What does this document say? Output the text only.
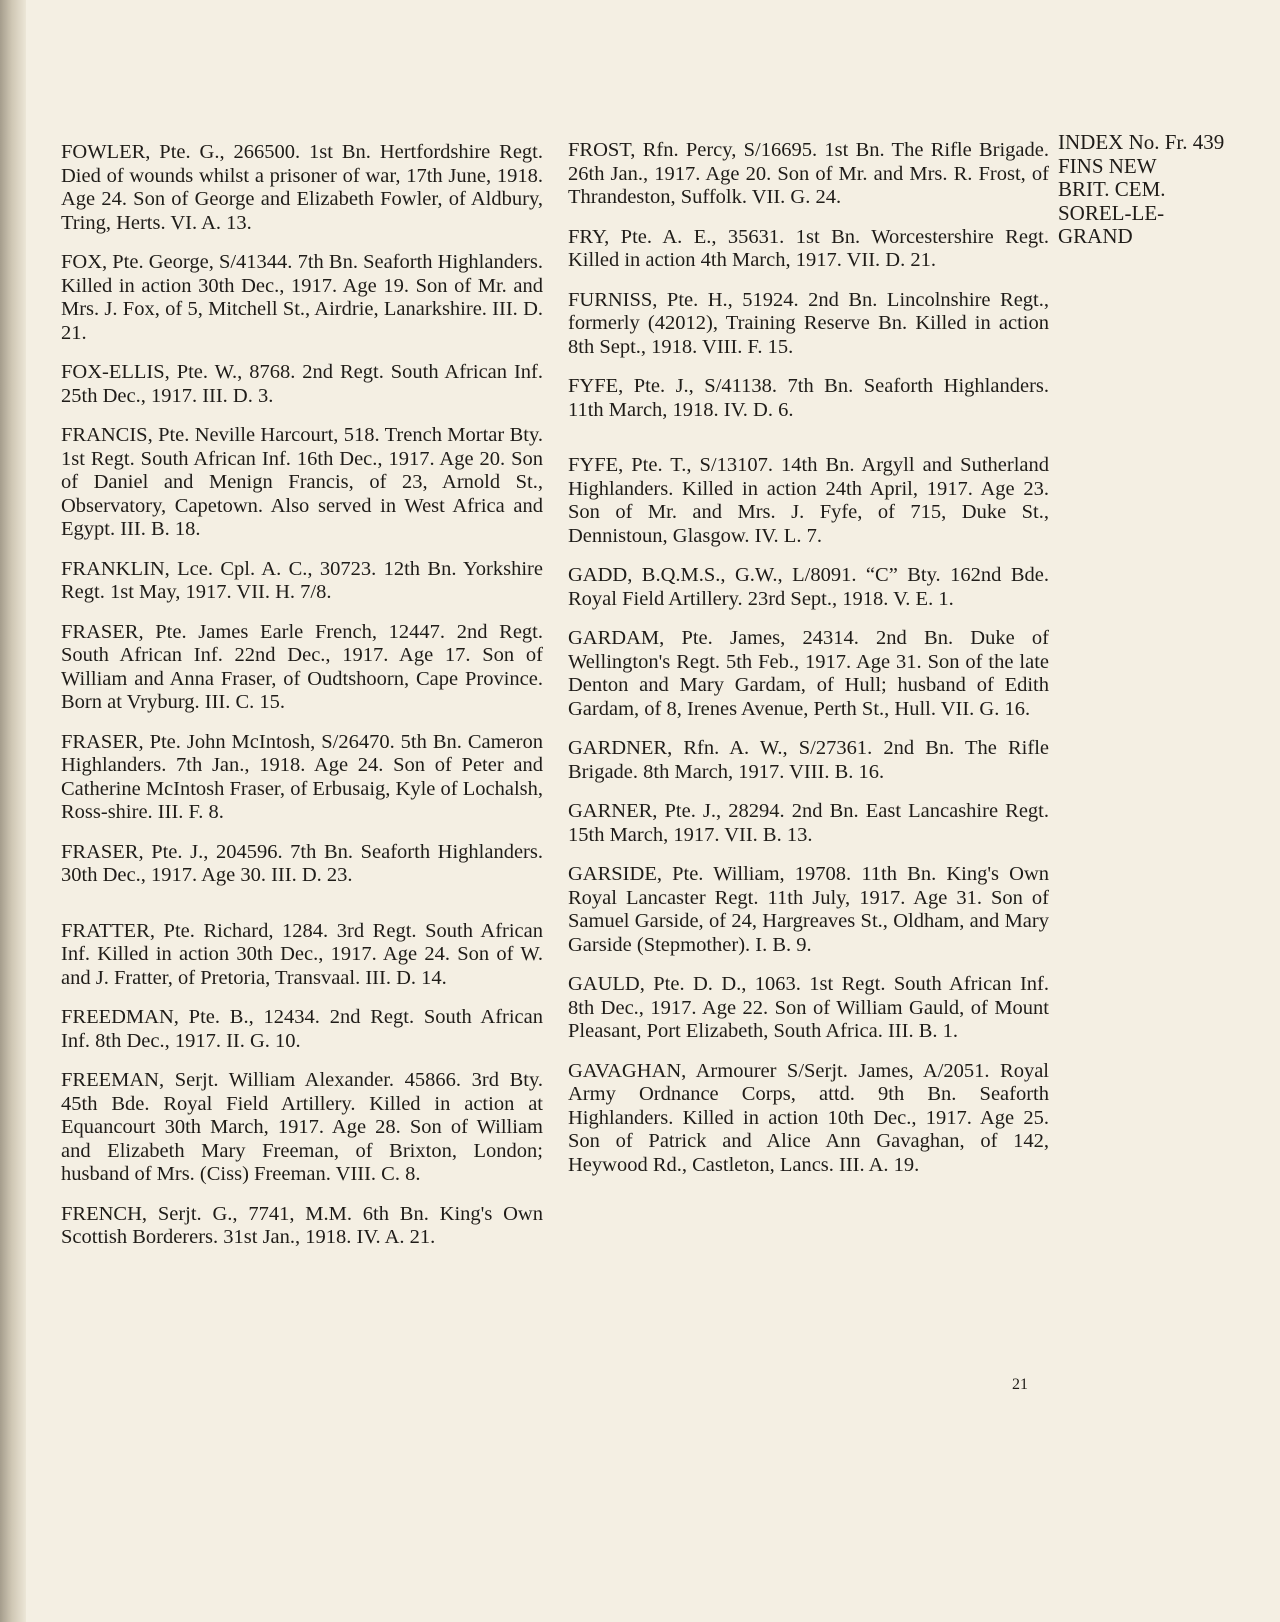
FOWLER, Pte. G., 266500. 1st Bn. Hertfordshire Regt. Died of wounds whilst a prisoner of war, 17th June, 1918. Age 24. Son of George and Elizabeth Fowler, of Aldbury, Tring, Herts. VI. A. 13.

FOX, Pte. George, S/41344. 7th Bn. Seaforth Highlanders. Killed in action 30th Dec., 1917. Age 19. Son of Mr. and Mrs. J. Fox, of 5, Mitchell St., Airdrie, Lanarkshire. III. D. 21.

FOX-ELLIS, Pte. W., 8768. 2nd Regt. South African Inf. 25th Dec., 1917. III. D. 3.

FRANCIS, Pte. Neville Harcourt, 518. Trench Mortar Bty. 1st Regt. South African Inf. 16th Dec., 1917. Age 20. Son of Daniel and Menign Francis, of 23, Arnold St., Observatory, Capetown. Also served in West Africa and Egypt. III. B. 18.

FRANKLIN, Lce. Cpl. A. C., 30723. 12th Bn. Yorkshire Regt. 1st May, 1917. VII. H. 7/8.

FRASER, Pte. James Earle French, 12447. 2nd Regt. South African Inf. 22nd Dec., 1917. Age 17. Son of William and Anna Fraser, of Oudtshoorn, Cape Province. Born at Vryburg. III. C. 15.

FRASER, Pte. John McIntosh, S/26470. 5th Bn. Cameron Highlanders. 7th Jan., 1918. Age 24. Son of Peter and Catherine McIntosh Fraser, of Erbusaig, Kyle of Lochalsh, Ross-shire. III. F. 8.

FRASER, Pte. J., 204596. 7th Bn. Seaforth Highlanders. 30th Dec., 1917. Age 30. III. D. 23.

FRATTER, Pte. Richard, 1284. 3rd Regt. South African Inf. Killed in action 30th Dec., 1917. Age 24. Son of W. and J. Fratter, of Pretoria, Transvaal. III. D. 14.

FREEDMAN, Pte. B., 12434. 2nd Regt. South African Inf. 8th Dec., 1917. II. G. 10.

FREEMAN, Serjt. William Alexander. 45866. 3rd Bty. 45th Bde. Royal Field Artillery. Killed in action at Equancourt 30th March, 1917. Age 28. Son of William and Elizabeth Mary Freeman, of Brixton, London; husband of Mrs. (Ciss) Freeman. VIII. C. 8.

FRENCH, Serjt. G., 7741, M.M. 6th Bn. King's Own Scottish Borderers. 31st Jan., 1918. IV. A. 21.

FROST, Rfn. Percy, S/16695. 1st Bn. The Rifle Brigade. 26th Jan., 1917. Age 20. Son of Mr. and Mrs. R. Frost, of Thrandeston, Suffolk. VII. G. 24.

FRY, Pte. A. E., 35631. 1st Bn. Worcestershire Regt. Killed in action 4th March, 1917. VII. D. 21.

FURNISS, Pte. H., 51924. 2nd Bn. Lincolnshire Regt., formerly (42012), Training Reserve Bn. Killed in action 8th Sept., 1918. VIII. F. 15.

FYFE, Pte. J., S/41138. 7th Bn. Seaforth Highlanders. 11th March, 1918. IV. D. 6.

FYFE, Pte. T., S/13107. 14th Bn. Argyll and Sutherland Highlanders. Killed in action 24th April, 1917. Age 23. Son of Mr. and Mrs. J. Fyfe, of 715, Duke St., Dennistoun, Glasgow. IV. L. 7.

GADD, B.Q.M.S., G.W., L/8091. “C” Bty. 162nd Bde. Royal Field Artillery. 23rd Sept., 1918. V. E. 1.

GARDAM, Pte. James, 24314. 2nd Bn. Duke of Wellington's Regt. 5th Feb., 1917. Age 31. Son of the late Denton and Mary Gardam, of Hull; husband of Edith Gardam, of 8, Irenes Avenue, Perth St., Hull. VII. G. 16.

GARDNER, Rfn. A. W., S/27361. 2nd Bn. The Rifle Brigade. 8th March, 1917. VIII. B. 16.

GARNER, Pte. J., 28294. 2nd Bn. East Lancashire Regt. 15th March, 1917. VII. B. 13.

GARSIDE, Pte. William, 19708. 11th Bn. King's Own Royal Lancaster Regt. 11th July, 1917. Age 31. Son of Samuel Garside, of 24, Hargreaves St., Oldham, and Mary Garside (Stepmother). I. B. 9.

GAULD, Pte. D. D., 1063. 1st Regt. South African Inf. 8th Dec., 1917. Age 22. Son of William Gauld, of Mount Pleasant, Port Elizabeth, South Africa. III. B. 1.

GAVAGHAN, Armourer S/Serjt. James, A/2051. Royal Army Ordnance Corps, attd. 9th Bn. Seaforth Highlanders. Killed in action 10th Dec., 1917. Age 25. Son of Patrick and Alice Ann Gavaghan, of 142, Heywood Rd., Castleton, Lancs. III. A. 19.

INDEX No. Fr. 439
FINS NEW
BRIT. CEM.
SOREL-LE-
GRAND
21
